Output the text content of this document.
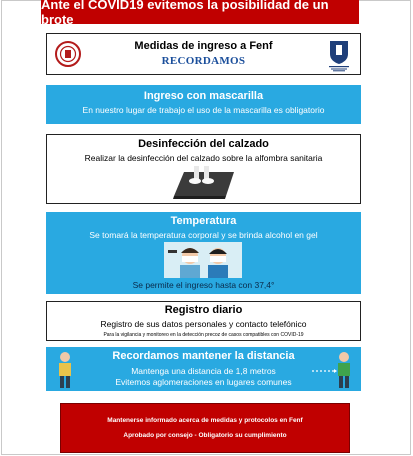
Ante el COVID19 evitemos la posibilidad de un brote
Medidas de ingreso a Fenf
RECORDAMOS
Ingreso con mascarilla
En nuestro lugar de trabajo el uso de la mascarilla es obligatorio
Desinfección del calzado
Realizar la desinfección del calzado sobre la alfombra sanitaria
Temperatura
Se tomará la temperatura corporal y se brinda alcohol en gel
Se permite el ingreso hasta con 37,4°
Registro diario
Registro de sus datos personales y contacto telefónico
Para la vigilancia y monitoreo en la detección precoz de casos compatibles con COVID-19
Recordamos mantener la distancia
Mantenga una distancia de 1,8 metros
Evitemos aglomeraciones en lugares comunes
Mantenerse informado acerca de medidas y protocolos en Fenf
Aprobado por consejo - Obligatorio su cumplimiento
